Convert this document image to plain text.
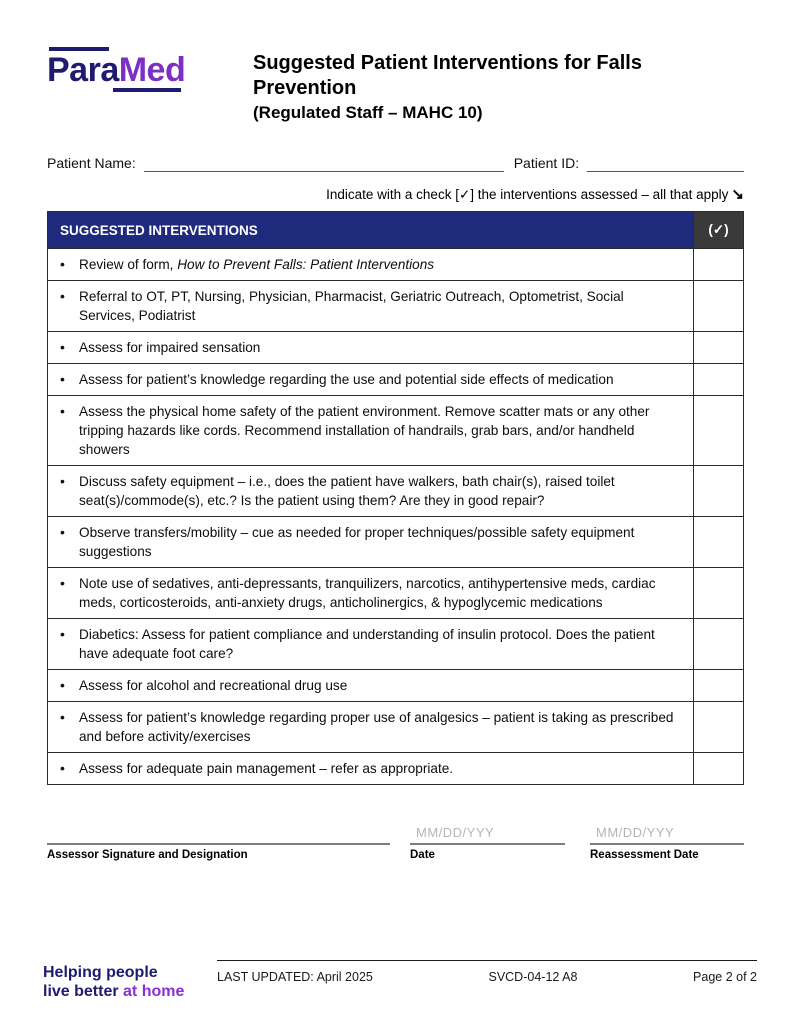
ParaMed	Suggested Patient Interventions for Falls Prevention
(Regulated Staff – MAHC 10)
Patient Name:	Patient ID:
Indicate with a check [✓] the interventions assessed – all that apply ↘
SUGGESTED INTERVENTIONS	(✓)

• Review of form, How to Prevent Falls: Patient Interventions	

• Referral to OT, PT, Nursing, Physician, Pharmacist, Geriatric Outreach, Optometrist, Social Services, Podiatrist	

• Assess for impaired sensation	

• Assess for patient’s knowledge regarding the use and potential side effects of medication	

• Assess the physical home safety of the patient environment. Remove scatter mats or any other tripping hazards like cords. Recommend installation of handrails, grab bars, and/or handheld showers	

• Discuss safety equipment – i.e., does the patient have walkers, bath chair(s), raised toilet seat(s)/commode(s), etc.? Is the patient using them? Are they in good repair?	

• Observe transfers/mobility – cue as needed for proper techniques/possible safety equipment suggestions	

• Note use of sedatives, anti-depressants, tranquilizers, narcotics, antihypertensive meds, cardiac meds, corticosteroids, anti-anxiety drugs, anticholinergics, & hypoglycemic medications	

• Diabetics: Assess for patient compliance and understanding of insulin protocol. Does the patient have adequate foot care?	

• Assess for alcohol and recreational drug use	

• Assess for patient’s knowledge regarding proper use of analgesics – patient is taking as prescribed and before activity/exercises	

• Assess for adequate pain management – refer as appropriate.	

Assessor Signature and Designation
MM/DD/YYY
Date
MM/DD/YYY
Reassessment Date
Helping people
live better at home
LAST UPDATED: April 2025	SVCD-04-12 A8	Page 2 of 2
